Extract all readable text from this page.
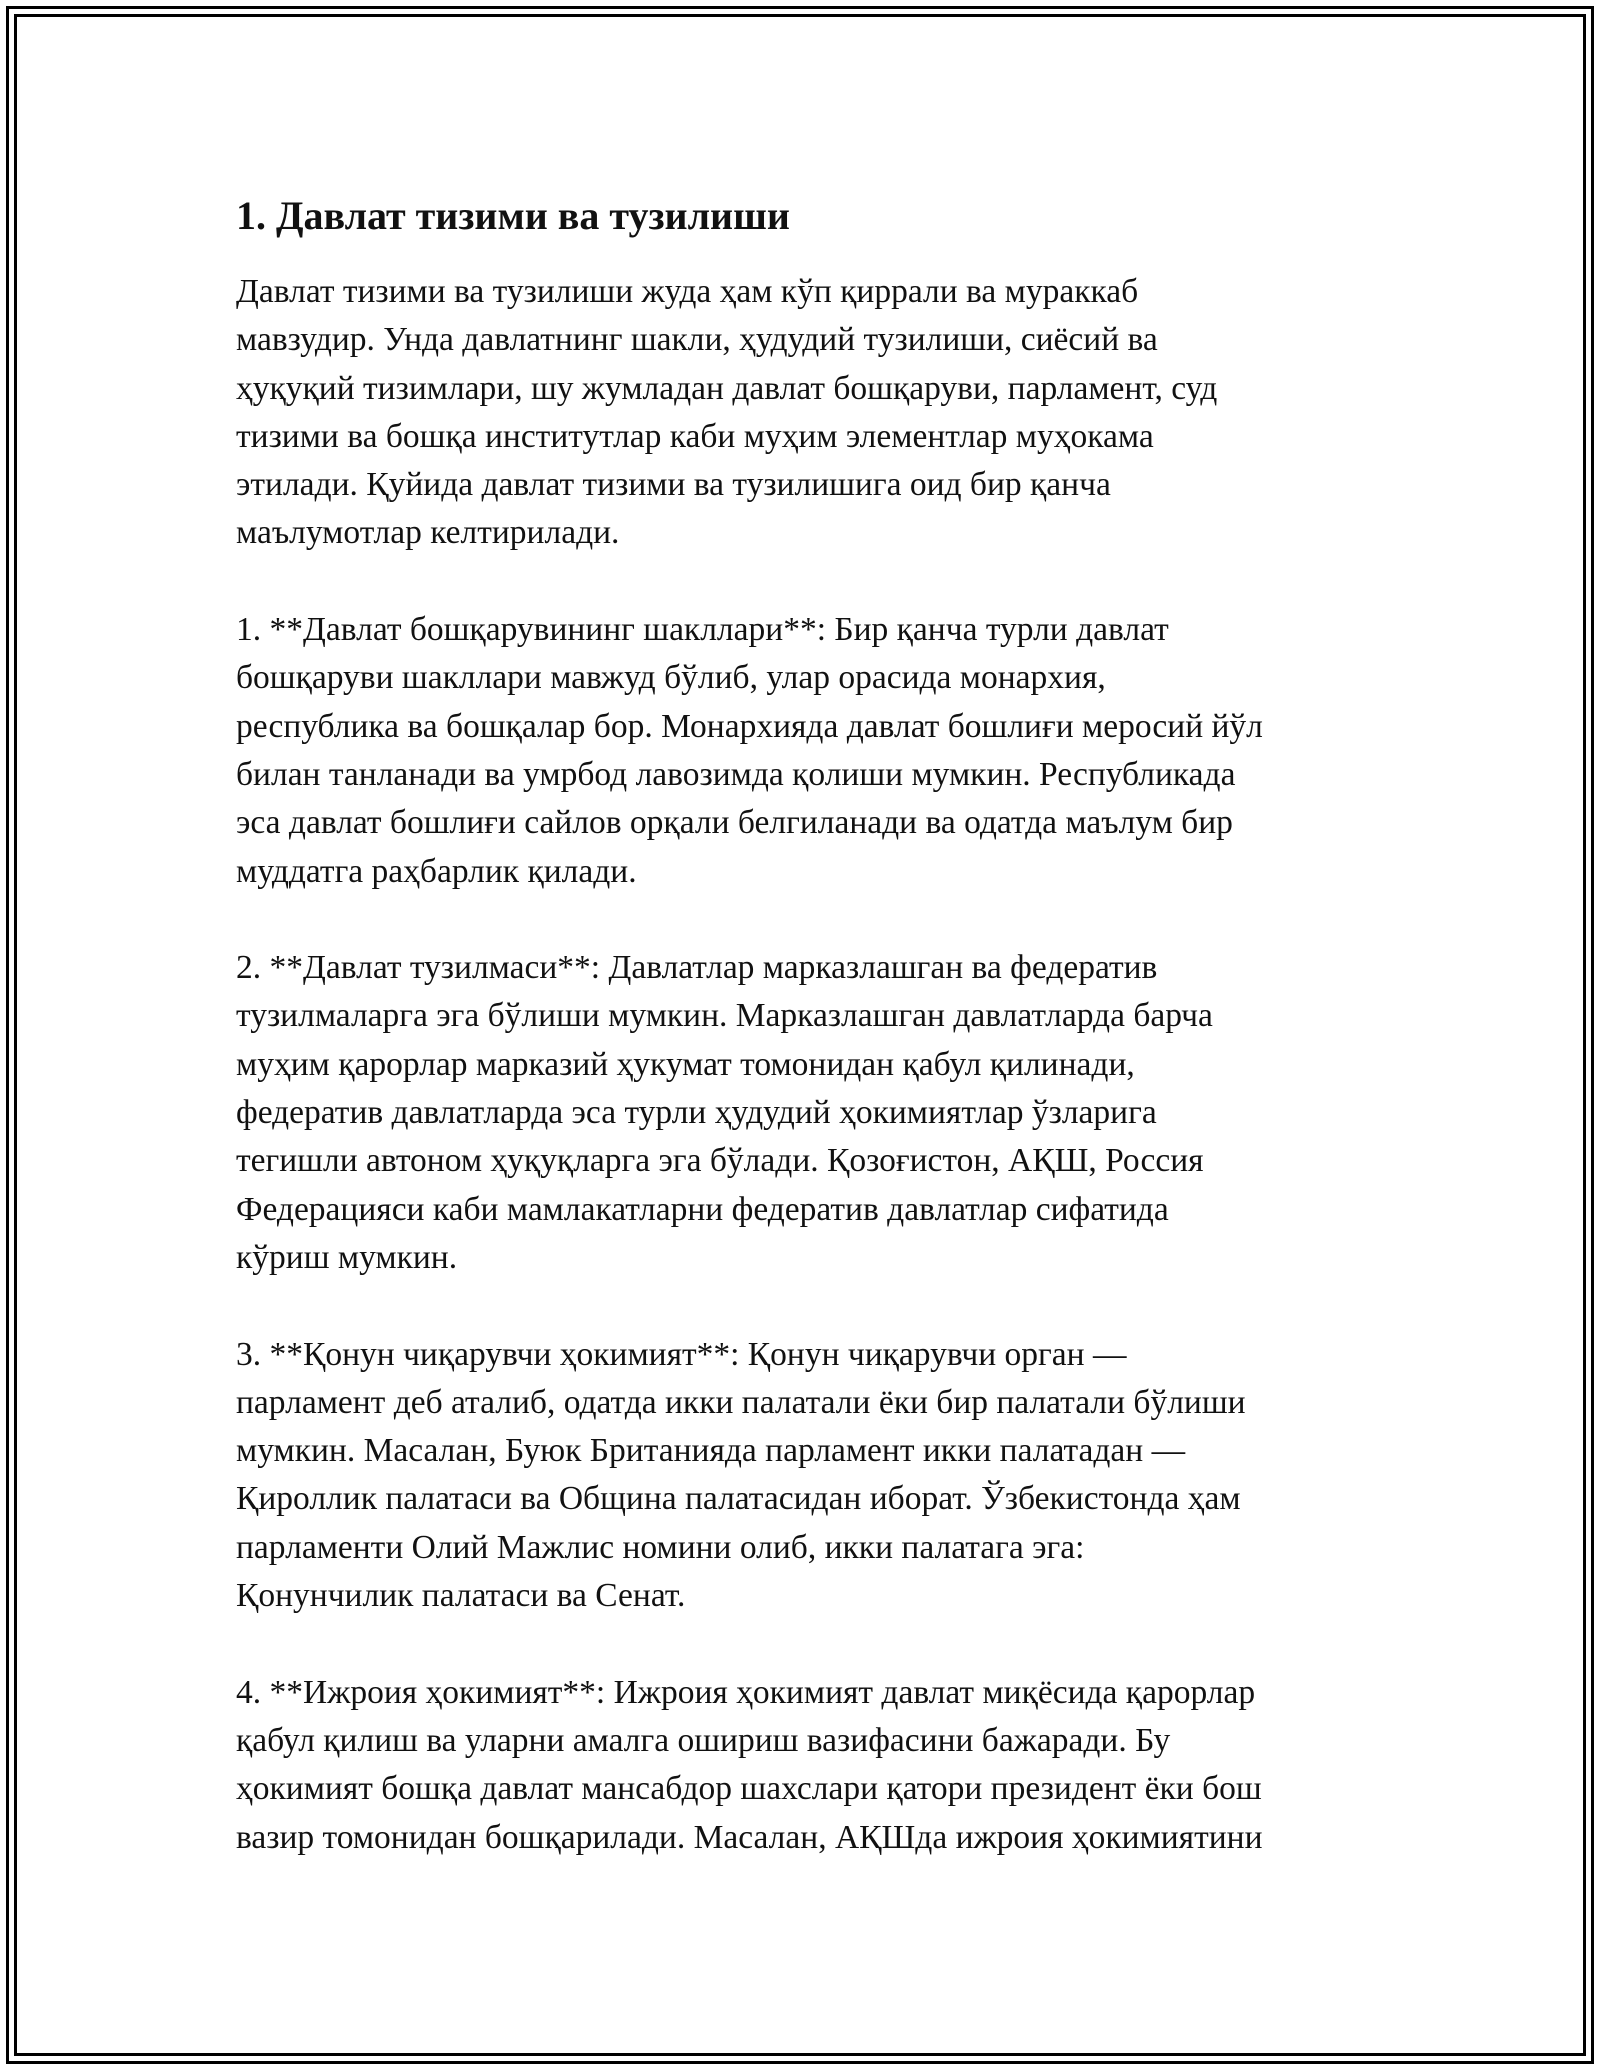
1. Давлат тизими ва тузилиши
Давлат тизими ва тузилиши жуда ҳам кўп қиррали ва мураккаб
мавзудир. Унда давлатнинг шакли, ҳудудий тузилиши, сиёсий ва
ҳуқуқий тизимлари, шу жумладан давлат бошқаруви, парламент, суд
тизими ва бошқа институтлар каби муҳим элементлар муҳокама
этилади. Қуйида давлат тизими ва тузилишига оид бир қанча
маълумотлар келтирилади.
1. **Давлат бошқарувининг шакллари**: Бир қанча турли давлат
бошқаруви шакллари мавжуд бўлиб, улар орасида монархия,
республика ва бошқалар бор. Монархияда давлат бошлиғи меросий йўл
билан танланади ва умрбод лавозимда қолиши мумкин. Республикада
эса давлат бошлиғи сайлов орқали белгиланади ва одатда маълум бир
муддатга раҳбарлик қилади.
2. **Давлат тузилмаси**: Давлатлар марказлашган ва федератив
тузилмаларга эга бўлиши мумкин. Марказлашган давлатларда барча
муҳим қарорлар марказий ҳукумат томонидан қабул қилинади,
федератив давлатларда эса турли ҳудудий ҳокимиятлар ўзларига
тегишли автоном ҳуқуқларга эга бўлади. Қозоғистон, АҚШ, Россия
Федерацияси каби мамлакатларни федератив давлатлар сифатида
кўриш мумкин.
3. **Қонун чиқарувчи ҳокимият**: Қонун чиқарувчи орган —
парламент деб аталиб, одатда икки палатали ёки бир палатали бўлиши
мумкин. Масалан, Буюк Британияда парламент икки палатадан —
Қироллик палатаси ва Община палатасидан иборат. Ўзбекистонда ҳам
парламенти Олий Мажлис номини олиб, икки палатага эга:
Қонунчилик палатаси ва Сенат.
4. **Ижроия ҳокимият**: Ижроия ҳокимият давлат миқёсида қарорлар
қабул қилиш ва уларни амалга ошириш вазифасини бажаради. Бу
ҳокимият бошқа давлат мансабдор шахслари қатори президент ёки бош
вазир томонидан бошқарилади. Масалан, АҚШда ижроия ҳокимиятини
